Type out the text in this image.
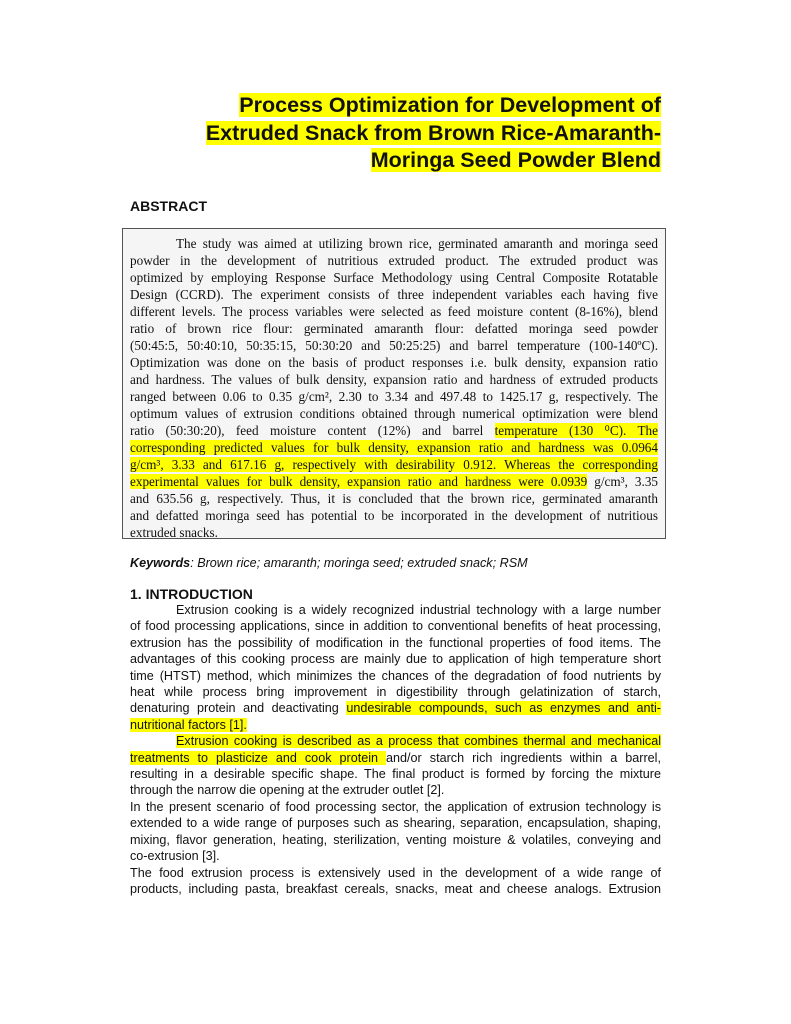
Process Optimization for Development of
Extruded Snack from Brown Rice-Amaranth-
Moringa Seed Powder Blend
ABSTRACT
The study was aimed at utilizing brown rice, germinated amaranth and moringa seed
powder in the development of nutritious extruded product. The extruded product was
optimized by employing Response Surface Methodology using Central Composite Rotatable
Design (CCRD). The experiment consists of three independent variables each having five
different levels. The process variables were selected as feed moisture content (8-16%), blend
ratio of brown rice flour: germinated amaranth flour: defatted moringa seed powder
(50:45:5, 50:40:10, 50:35:15, 50:30:20 and 50:25:25) and barrel temperature (100-140ºC).
Optimization was done on the basis of product responses i.e. bulk density, expansion ratio
and hardness. The values of bulk density, expansion ratio and hardness of extruded products
ranged between 0.06 to 0.35 g/cm², 2.30 to 3.34 and 497.48 to 1425.17 g, respectively. The
optimum values of extrusion conditions obtained through numerical optimization were blend
ratio (50:30:20), feed moisture content (12%) and barrel temperature (130 ⁰C). The
corresponding predicted values for bulk density, expansion ratio and hardness was 0.0964
g/cm³, 3.33 and 617.16 g, respectively with desirability 0.912. Whereas the corresponding
experimental values for bulk density, expansion ratio and hardness were 0.0939 g/cm³, 3.35
and 635.56 g, respectively. Thus, it is concluded that the brown rice, germinated amaranth
and defatted moringa seed has potential to be incorporated in the development of nutritious
extruded snacks.
Keywords: Brown rice; amaranth; moringa seed; extruded snack; RSM
1. INTRODUCTION
Extrusion cooking is a widely recognized industrial technology with a large number
of food processing applications, since in addition to conventional benefits of heat processing,
extrusion has the possibility of modification in the functional properties of food items. The
advantages of this cooking process are mainly due to application of high temperature short
time (HTST) method, which minimizes the chances of the degradation of food nutrients by
heat while process bring improvement in digestibility through gelatinization of starch,
denaturing protein and deactivating undesirable compounds, such as enzymes and anti-
nutritional factors [1].
Extrusion cooking is described as a process that combines thermal and mechanical
treatments to plasticize and cook protein and/or starch rich ingredients within a barrel,
resulting in a desirable specific shape. The final product is formed by forcing the mixture
through the narrow die opening at the extruder outlet [2].
In the present scenario of food processing sector, the application of extrusion technology is
extended to a wide range of purposes such as shearing, separation, encapsulation, shaping,
mixing, flavor generation, heating, sterilization, venting moisture & volatiles, conveying and
co-extrusion [3].
The food extrusion process is extensively used in the development of a wide range of
products, including pasta, breakfast cereals, snacks, meat and cheese analogs. Extrusion
